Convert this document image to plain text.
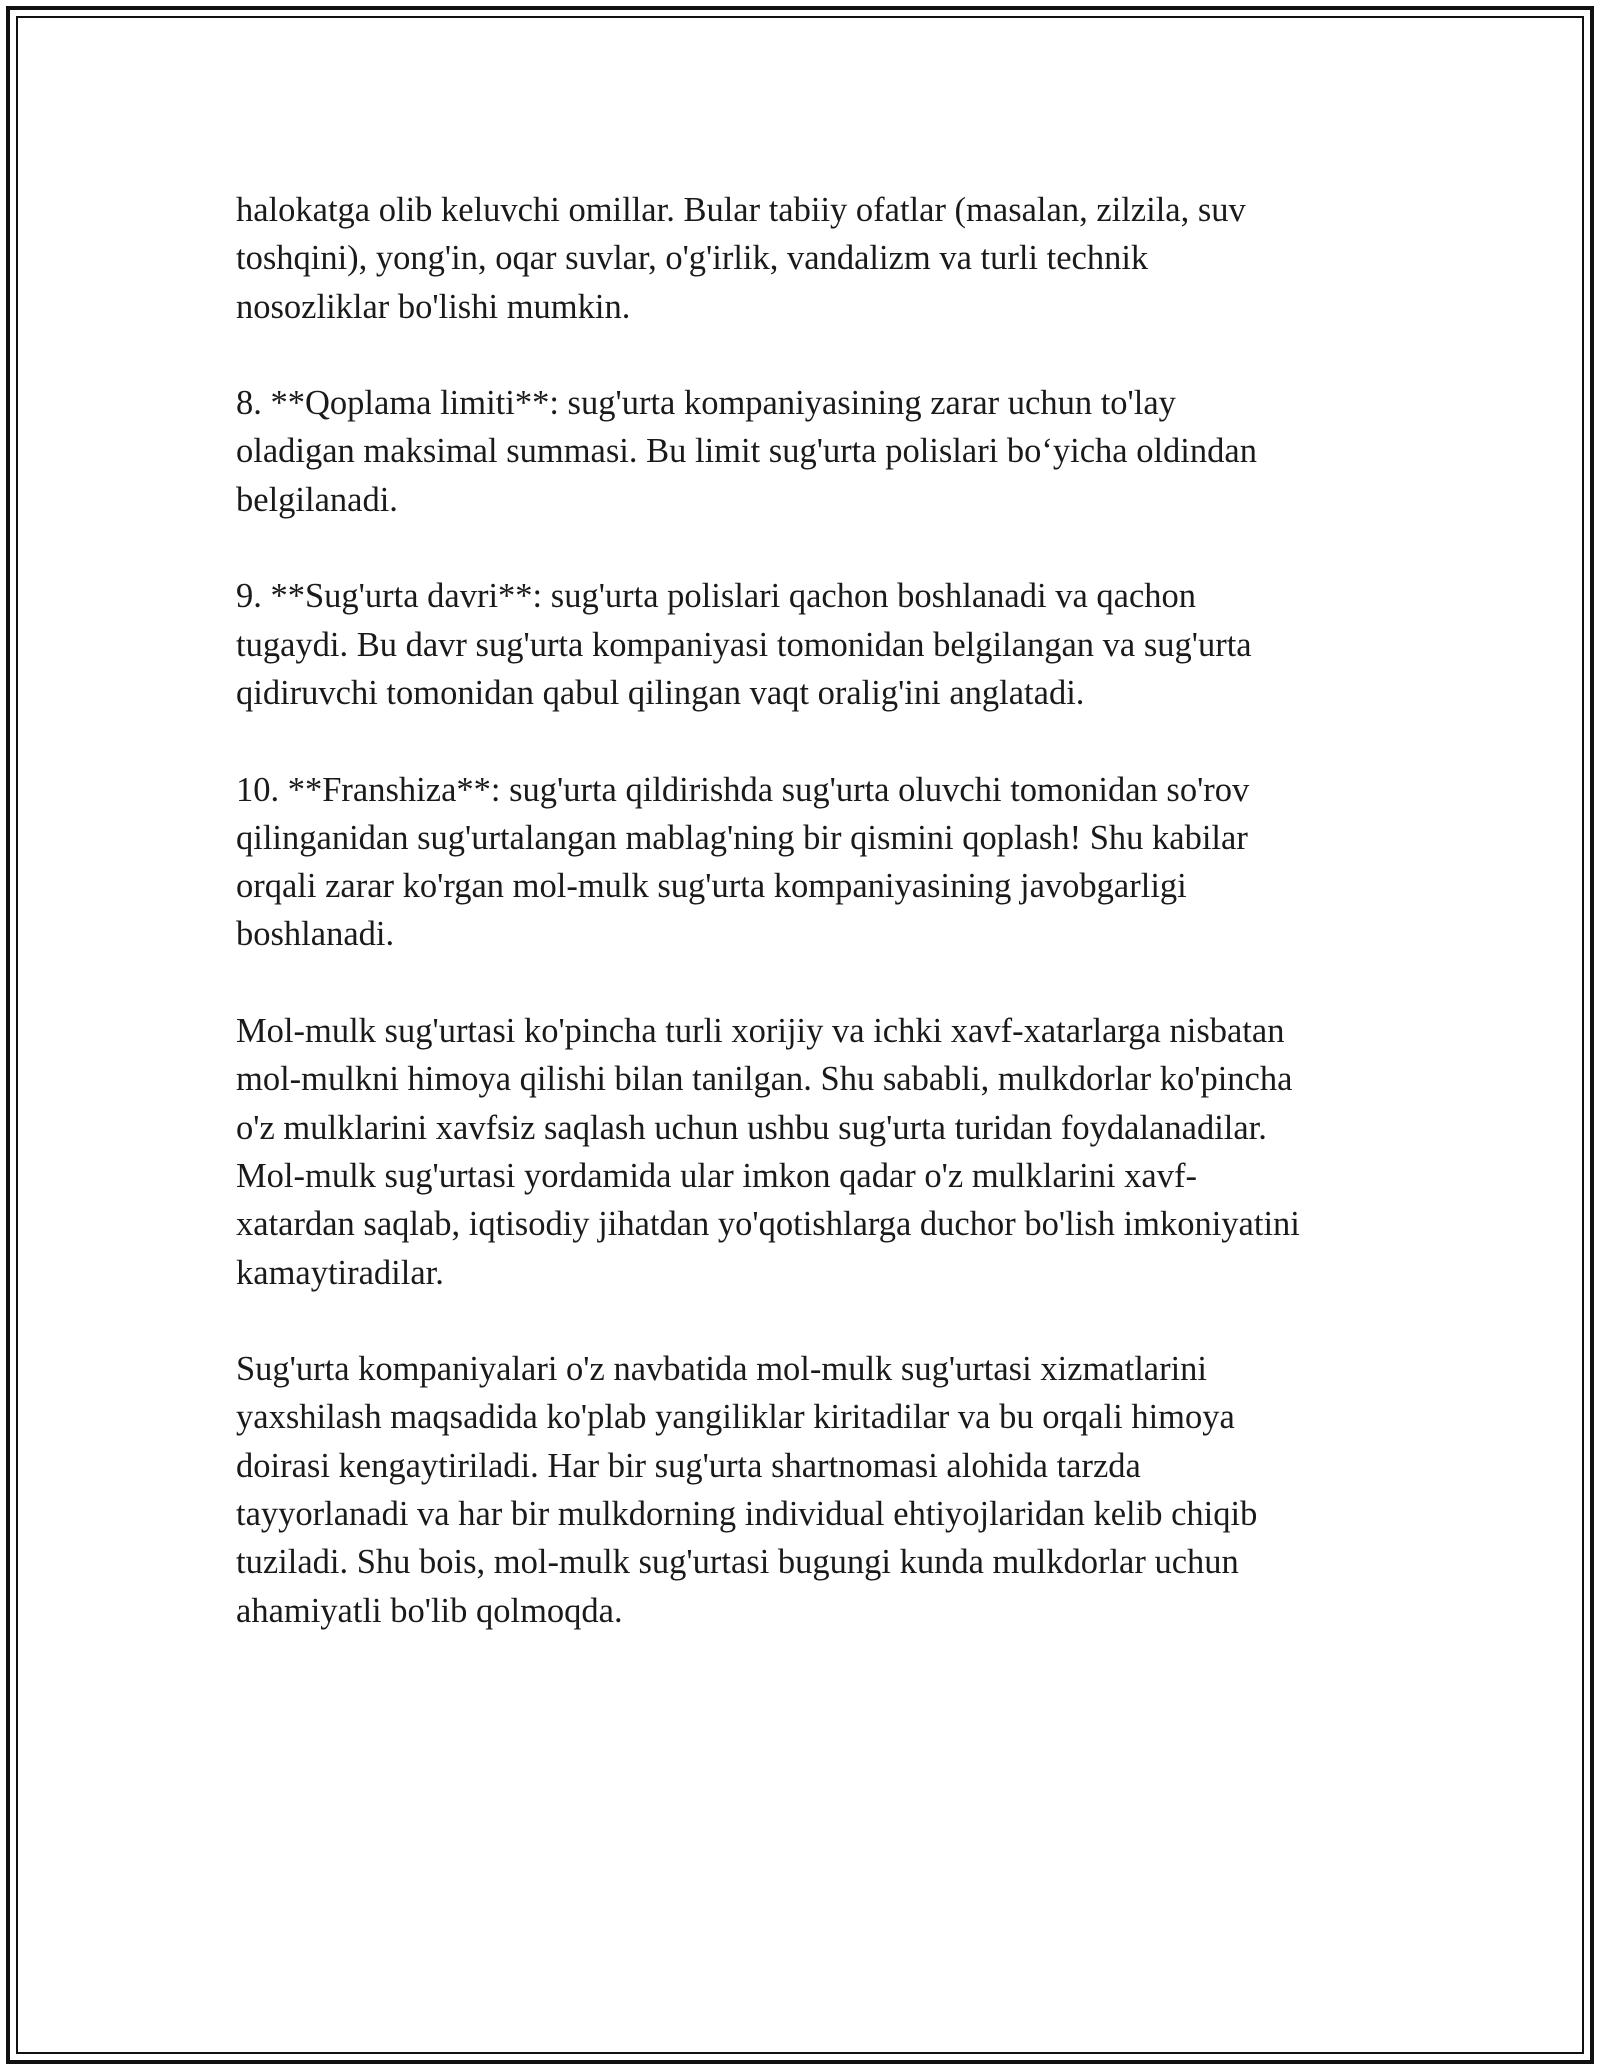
halokatga olib keluvchi omillar. Bular tabiiy ofatlar (masalan, zilzila, suv
toshqini), yong'in, oqar suvlar, o'g'irlik, vandalizm va turli technik
nosozliklar bo'lishi mumkin.

8. **Qoplama limiti**: sug'urta kompaniyasining zarar uchun to'lay
oladigan maksimal summasi. Bu limit sug'urta polislari bo‘yicha oldindan
belgilanadi.

9. **Sug'urta davri**: sug'urta polislari qachon boshlanadi va qachon
tugaydi. Bu davr sug'urta kompaniyasi tomonidan belgilangan va sug'urta
qidiruvchi tomonidan qabul qilingan vaqt oralig'ini anglatadi.

10. **Franshiza**: sug'urta qildirishda sug'urta oluvchi tomonidan so'rov
qilinganidan sug'urtalangan mablag'ning bir qismini qoplash! Shu kabilar
orqali zarar ko'rgan mol-mulk sug'urta kompaniyasining javobgarligi
boshlanadi.

Mol-mulk sug'urtasi ko'pincha turli xorijiy va ichki xavf-xatarlarga nisbatan
mol-mulkni himoya qilishi bilan tanilgan. Shu sababli, mulkdorlar ko'pincha
o'z mulklarini xavfsiz saqlash uchun ushbu sug'urta turidan foydalanadilar.
Mol-mulk sug'urtasi yordamida ular imkon qadar o'z mulklarini xavf-
xatardan saqlab, iqtisodiy jihatdan yo'qotishlarga duchor bo'lish imkoniyatini
kamaytiradilar.

Sug'urta kompaniyalari o'z navbatida mol-mulk sug'urtasi xizmatlarini
yaxshilash maqsadida ko'plab yangiliklar kiritadilar va bu orqali himoya
doirasi kengaytiriladi. Har bir sug'urta shartnomasi alohida tarzda
tayyorlanadi va har bir mulkdorning individual ehtiyojlaridan kelib chiqib
tuziladi. Shu bois, mol-mulk sug'urtasi bugungi kunda mulkdorlar uchun
ahamiyatli bo'lib qolmoqda.
